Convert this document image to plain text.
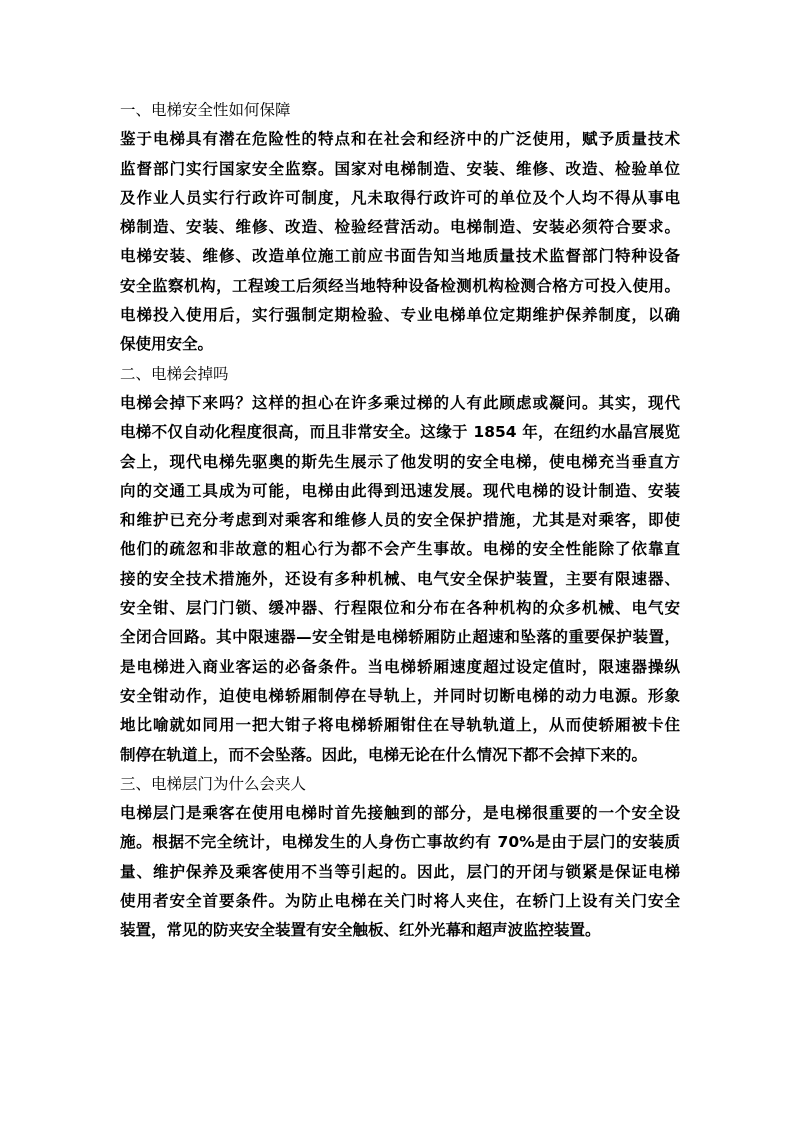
一、电梯安全性如何保障
鉴于电梯具有潜在危险性的特点和在社会和经济中的广泛使用，赋予质量技术
监督部门实行国家安全监察。国家对电梯制造、安装、维修、改造、检验单位
及作业人员实行行政许可制度，凡未取得行政许可的单位及个人均不得从事电
梯制造、安装、维修、改造、检验经营活动。电梯制造、安装必须符合要求。
电梯安装、维修、改造单位施工前应书面告知当地质量技术监督部门特种设备
安全监察机构，工程竣工后须经当地特种设备检测机构检测合格方可投入使用。
电梯投入使用后，实行强制定期检验、专业电梯单位定期维护保养制度，以确
保使用安全。
二、电梯会掉吗
电梯会掉下来吗？这样的担心在许多乘过梯的人有此顾虑或凝问。其实，现代
电梯不仅自动化程度很高，而且非常安全。这缘于 1854 年，在纽约水晶宫展览
会上，现代电梯先驱奥的斯先生展示了他发明的安全电梯，使电梯充当垂直方
向的交通工具成为可能，电梯由此得到迅速发展。现代电梯的设计制造、安装
和维护已充分考虑到对乘客和维修人员的安全保护措施，尤其是对乘客，即使
他们的疏忽和非故意的粗心行为都不会产生事故。电梯的安全性能除了依靠直
接的安全技术措施外，还设有多种机械、电气安全保护装置，主要有限速器、
安全钳、层门门锁、缓冲器、行程限位和分布在各种机构的众多机械、电气安
全闭合回路。其中限速器—安全钳是电梯轿厢防止超速和坠落的重要保护装置，
是电梯进入商业客运的必备条件。当电梯轿厢速度超过设定值时，限速器操纵
安全钳动作，迫使电梯轿厢制停在导轨上，并同时切断电梯的动力电源。形象
地比喻就如同用一把大钳子将电梯轿厢钳住在导轨轨道上，从而使轿厢被卡住
制停在轨道上，而不会坠落。因此，电梯无论在什么情况下都不会掉下来的。
三、电梯层门为什么会夹人
电梯层门是乘客在使用电梯时首先接触到的部分，是电梯很重要的一个安全设
施。根据不完全统计，电梯发生的人身伤亡事故约有 70%是由于层门的安装质
量、维护保养及乘客使用不当等引起的。因此，层门的开闭与锁紧是保证电梯
使用者安全首要条件。为防止电梯在关门时将人夹住，在轿门上设有关门安全
装置，常见的防夹安全装置有安全触板、红外光幕和超声波监控装置。
